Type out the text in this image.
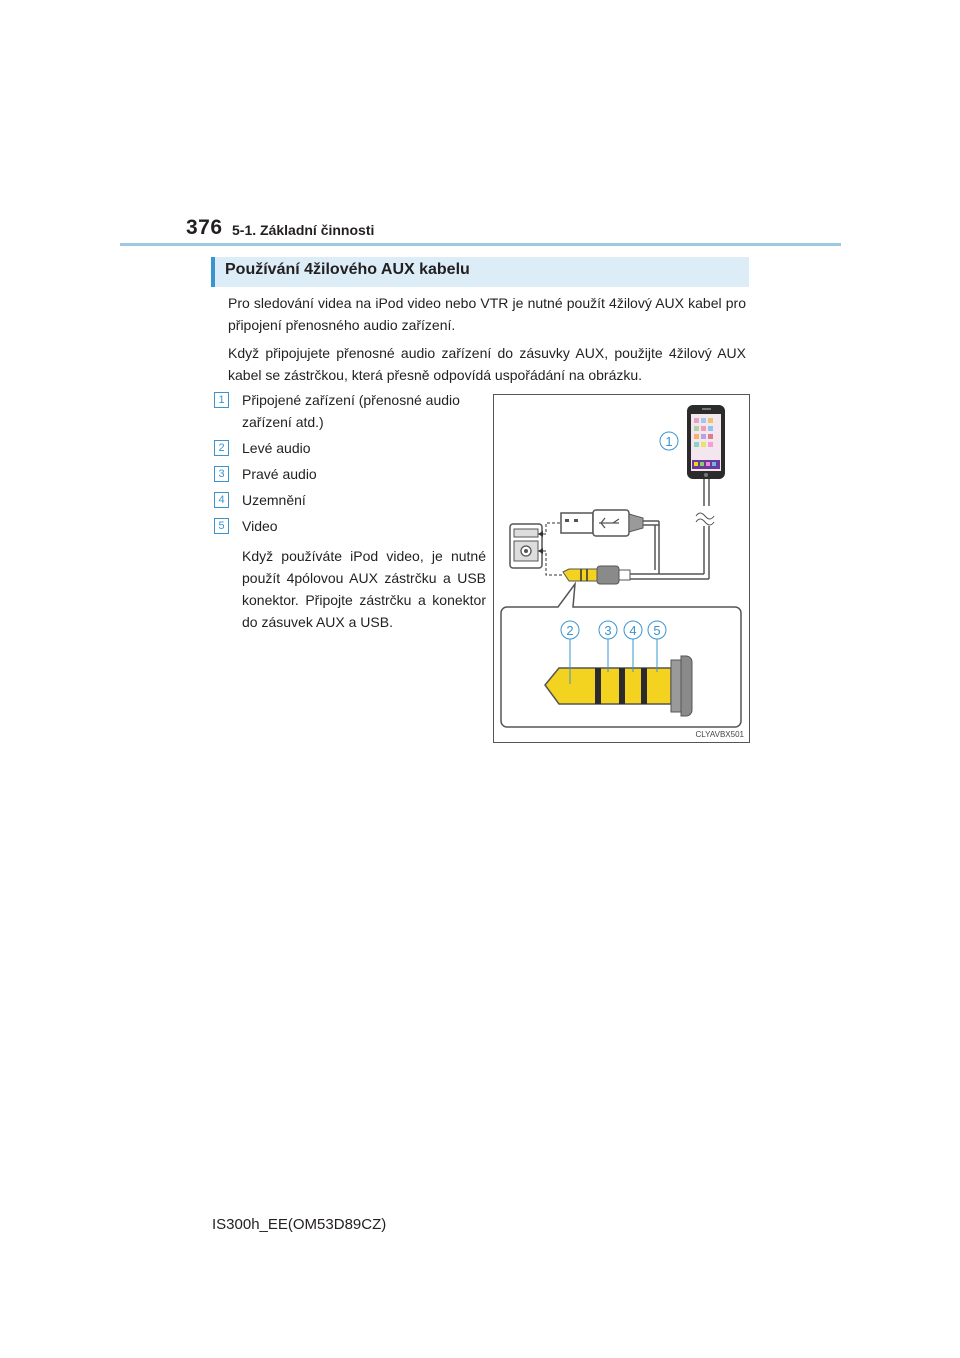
376 5-1. Základní činnosti
Používání 4žilového AUX kabelu

Pro sledování videa na iPod video nebo VTR je nutné použít 4žilový AUX kabel pro připojení přenosného audio zařízení.

Když připojujete přenosné audio zařízení do zásuvky AUX, použijte 4žilový AUX kabel se zástrčkou, která přesně odpovídá uspořádání na obrázku.

1	Připojené zařízení (přenosné audio zařízení atd.)
2	Levé audio
3	Pravé audio
4	Uzemnění
5	Video

Když používáte iPod video, je nutné použít 4pólovou AUX zástrčku a USB konektor. Připojte zástrčku a konektor do zásuvek AUX a USB.

1
2 3 4 5
CLYAVBX501
IS300h_EE(OM53D89CZ)
